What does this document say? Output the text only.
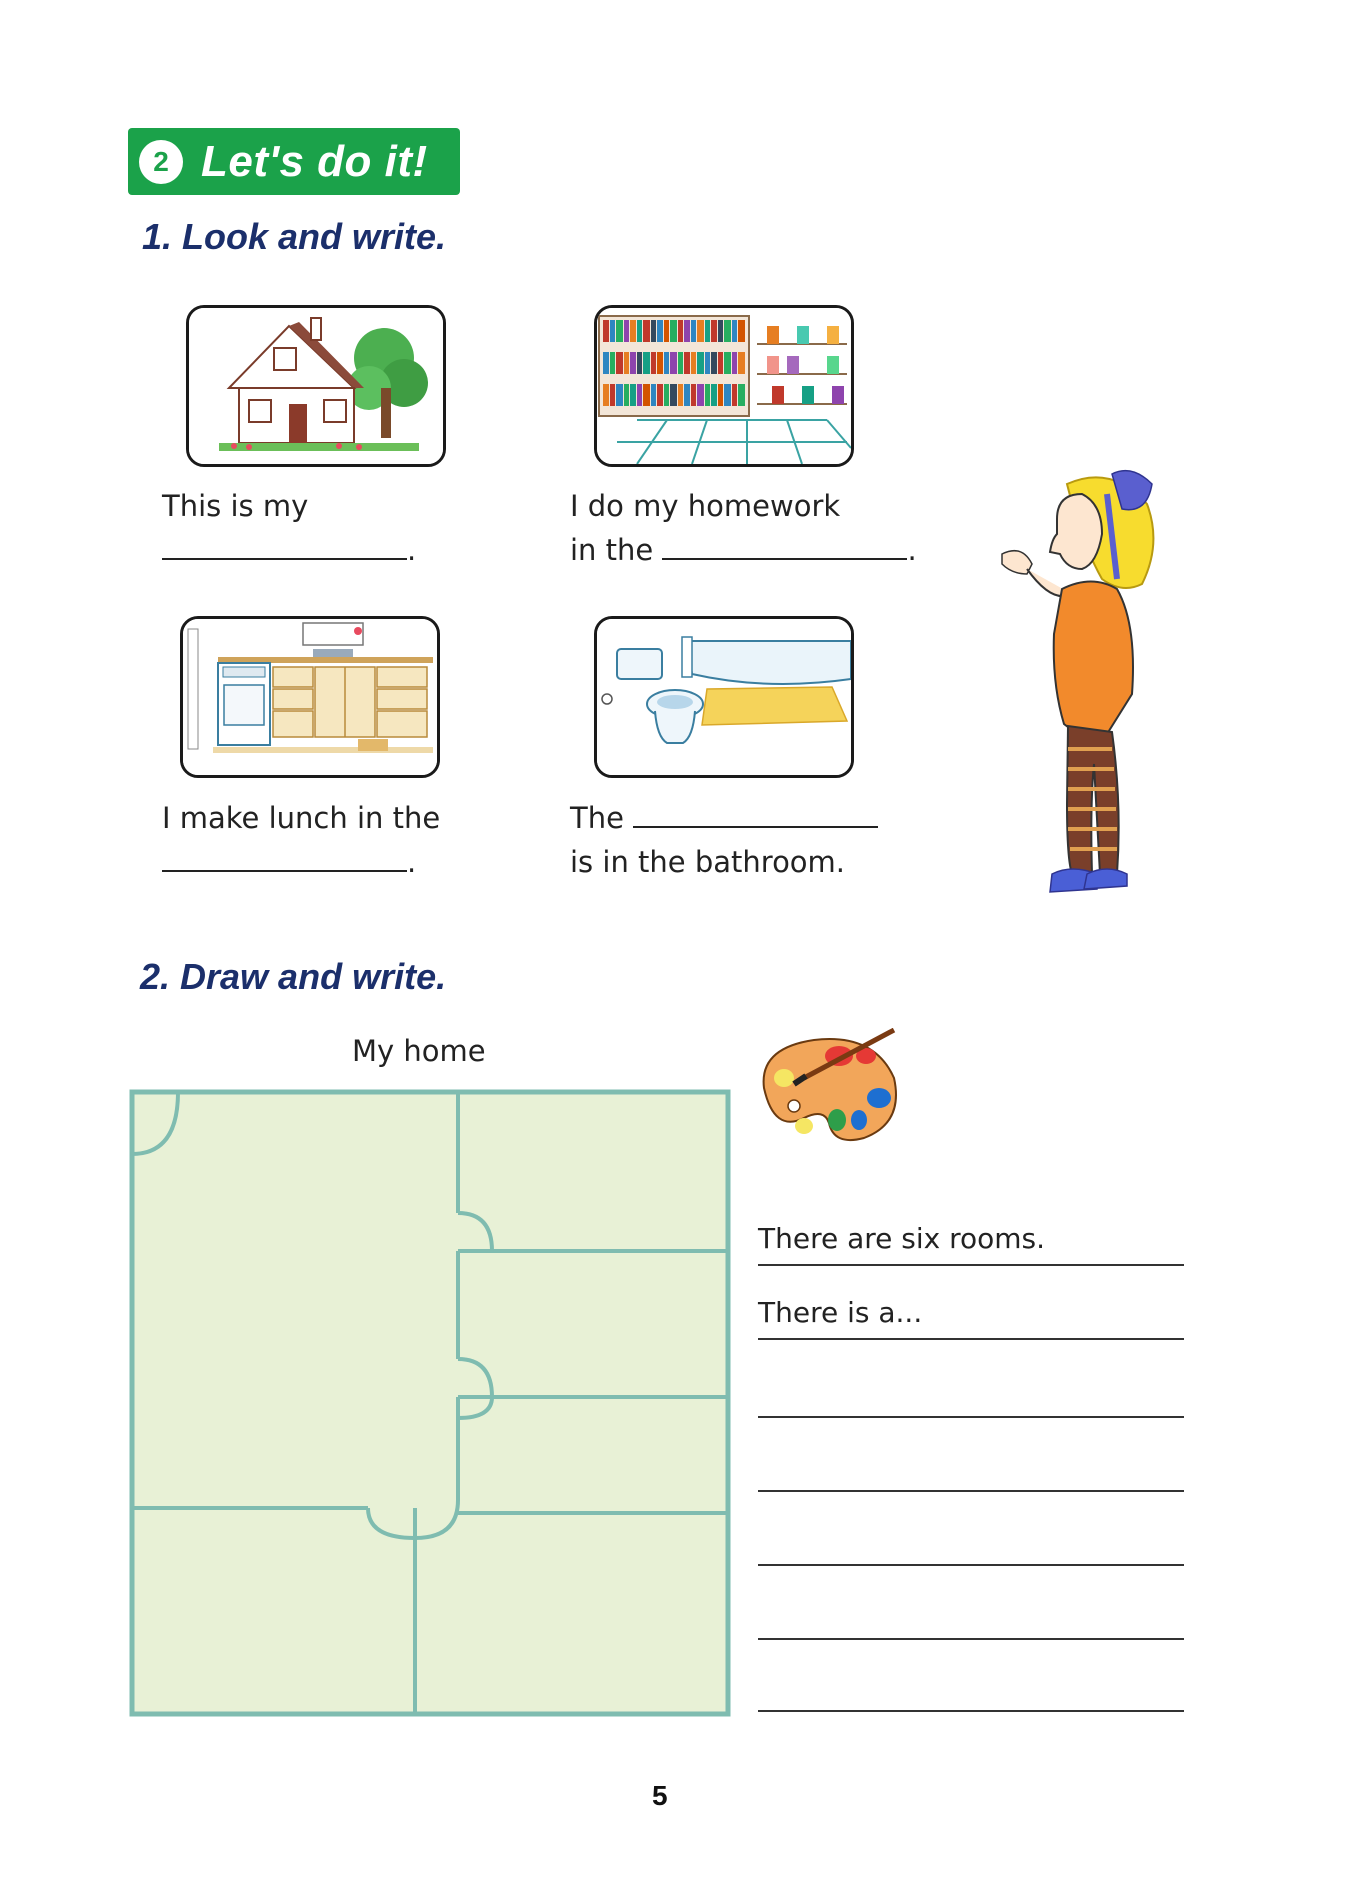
2 Let's do it!
1. Look and write.
This is my
.
I do my homework
in the	.
I make lunch in the
.
The
is in the bathroom.
2. Draw and write.
My home
There are six rooms.
There is a...
5
